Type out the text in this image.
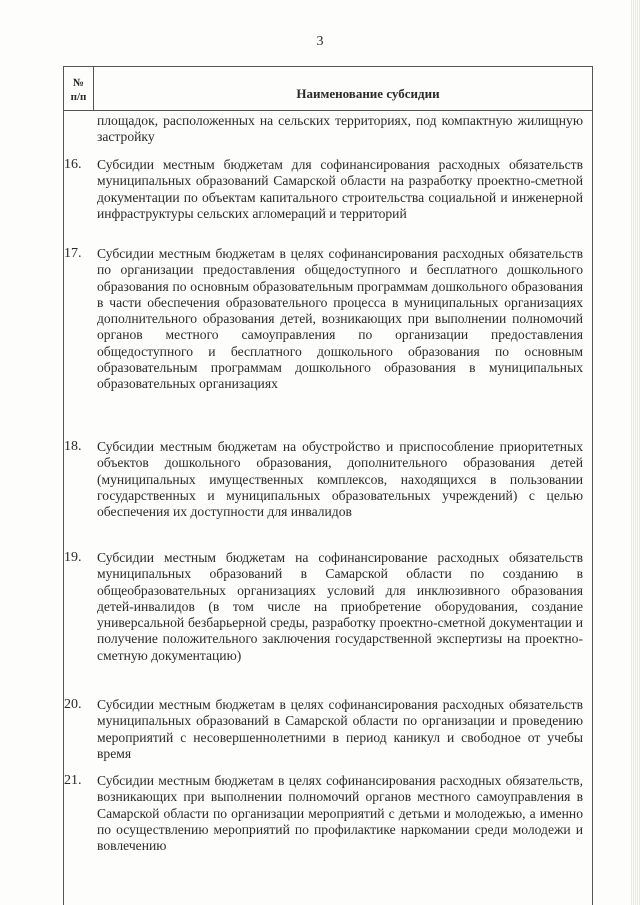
3
№
п/п	Наименование субсидии
площадок, расположенных на сельских территориях, под компактную жилищную застройку
16. Субсидии местным бюджетам для софинансирования расходных обязательств муниципальных образований Самарской области на разработку проектно-сметной документации по объектам капитального строительства социальной и инженерной инфраструктуры сельских агломераций и территорий
17. Субсидии местным бюджетам в целях софинансирования расходных обязательств по организации предоставления общедоступного и бесплатного дошкольного образования по основным образовательным программам дошкольного образования в части обеспечения образовательного процесса в муниципальных организациях дополнительного образования детей, возникающих при выполнении полномочий органов местного самоуправления по организации предоставления общедоступного и бесплатного дошкольного образования по основным образовательным программам дошкольного образования в муниципальных образовательных организациях
18. Субсидии местным бюджетам на обустройство и приспособление приоритетных объектов дошкольного образования, дополнительного образования детей (муниципальных имущественных комплексов, находящихся в пользовании государственных и муниципальных образовательных учреждений) с целью обеспечения их доступности для инвалидов
19. Субсидии местным бюджетам на софинансирование расходных обязательств муниципальных образований в Самарской области по созданию в общеобразовательных организациях условий для инклюзивного образования детей-инвалидов (в том числе на приобретение оборудования, создание универсальной безбарьерной среды, разработку проектно-сметной документации и получение положительного заключения государственной экспертизы на проектно-сметную документацию)
20. Субсидии местным бюджетам в целях софинансирования расходных обязательств муниципальных образований в Самарской области по организации и проведению мероприятий с несовершеннолетними в период каникул и свободное от учебы время
21. Субсидии местным бюджетам в целях софинансирования расходных обязательств, возникающих при выполнении полномочий органов местного самоуправления в Самарской области по организации мероприятий с детьми и молодежью, а именно по осуществлению мероприятий по профилактике наркомании среди молодежи и вовлечению
